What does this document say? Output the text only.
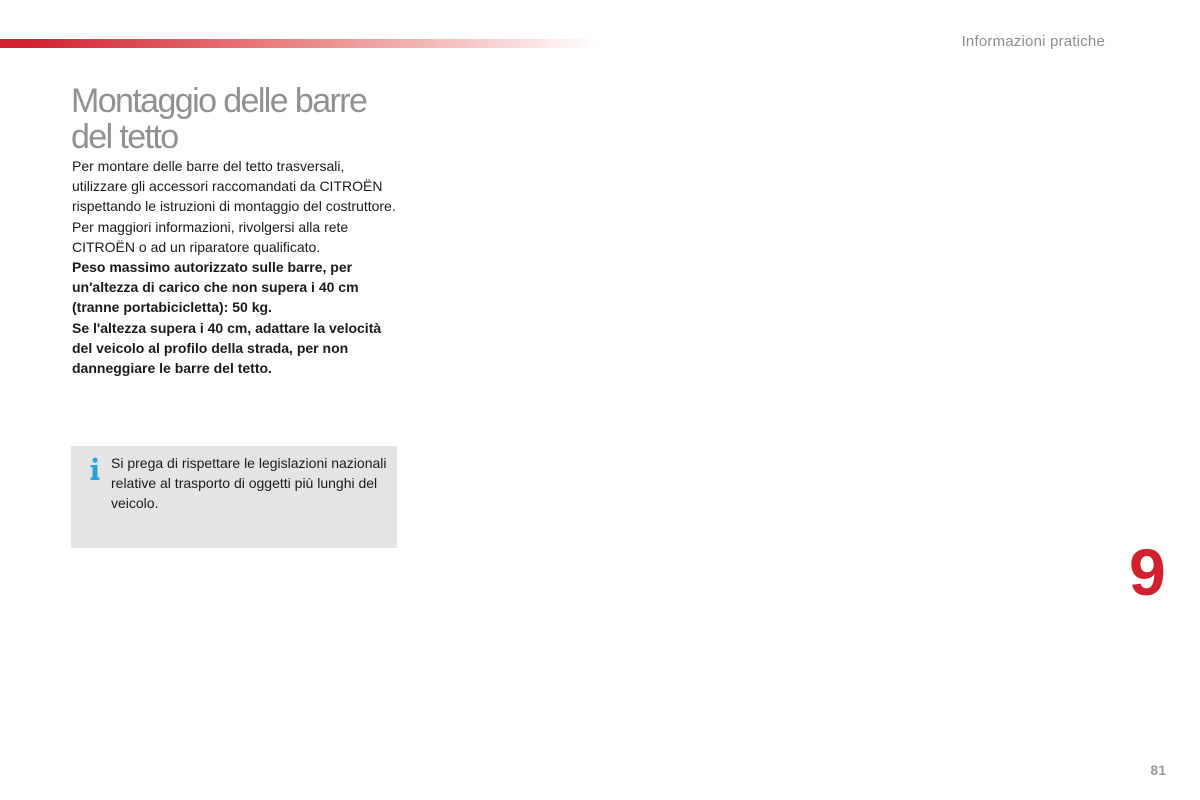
Informazioni pratiche
Montaggio delle barre del tetto

Per montare delle barre del tetto trasversali, utilizzare gli accessori raccomandati da CITROËN rispettando le istruzioni di montaggio del costruttore.

Per maggiori informazioni, rivolgersi alla rete CITROËN o ad un riparatore qualificato.

Peso massimo autorizzato sulle barre, per un'altezza di carico che non supera i 40 cm (tranne portabicicletta): 50 kg.

Se l'altezza supera i 40 cm, adattare la velocità del veicolo al profilo della strada, per non danneggiare le barre del tetto.

Si prega di rispettare le legislazioni nazionali relative al trasporto di oggetti più lunghi del veicolo.
9
81
